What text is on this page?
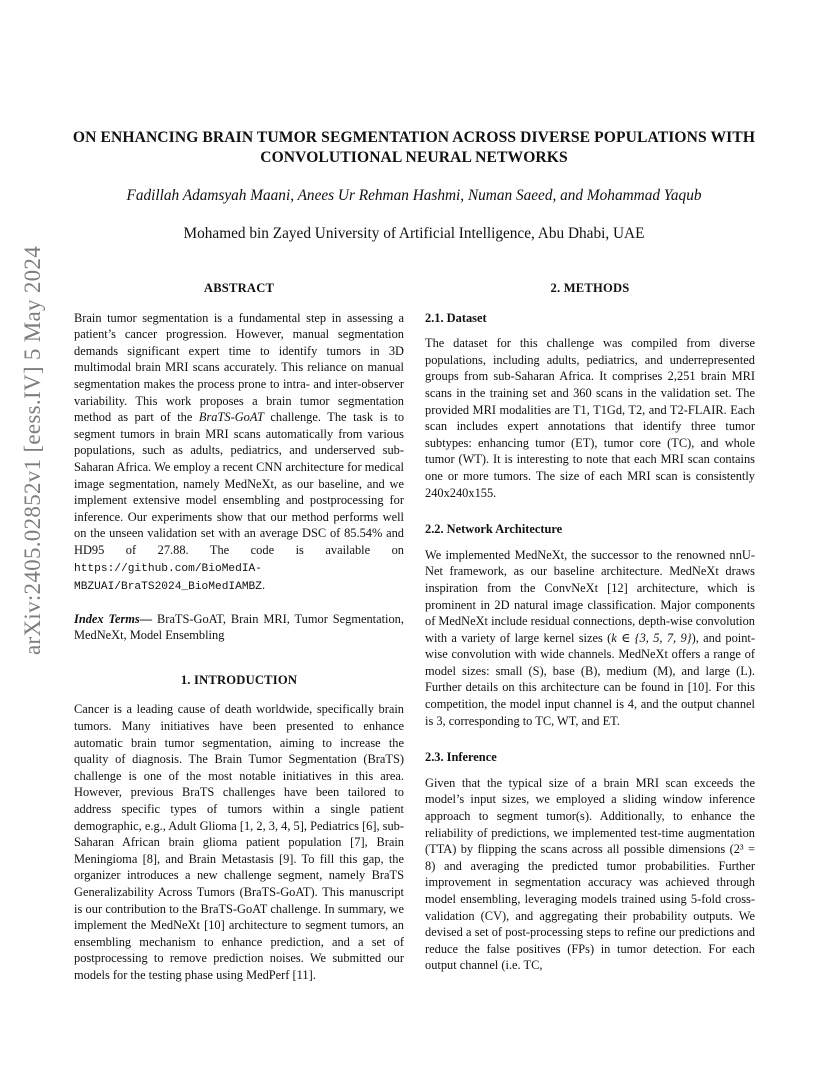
arXiv:2405.02852v1 [eess.IV] 5 May 2024
ON ENHANCING BRAIN TUMOR SEGMENTATION ACROSS DIVERSE POPULATIONS WITH CONVOLUTIONAL NEURAL NETWORKS
Fadillah Adamsyah Maani, Anees Ur Rehman Hashmi, Numan Saeed, and Mohammad Yaqub
Mohamed bin Zayed University of Artificial Intelligence, Abu Dhabi, UAE
ABSTRACT

Brain tumor segmentation is a fundamental step in assessing a patient’s cancer progression. However, manual segmentation demands significant expert time to identify tumors in 3D multimodal brain MRI scans accurately. This reliance on manual segmentation makes the process prone to intra- and inter-observer variability. This work proposes a brain tumor segmentation method as part of the BraTS-GoAT challenge. The task is to segment tumors in brain MRI scans automatically from various populations, such as adults, pediatrics, and underserved sub-Saharan Africa. We employ a recent CNN architecture for medical image segmentation, namely MedNeXt, as our baseline, and we implement extensive model ensembling and postprocessing for inference. Our experiments show that our method performs well on the unseen validation set with an average DSC of 85.54% and HD95 of 27.88. The code is available on https://github.com/BioMedIA-MBZUAI/BraTS2024_BioMedIAMBZ.

Index Terms— BraTS-GoAT, Brain MRI, Tumor Segmentation, MedNeXt, Model Ensembling

1. INTRODUCTION

Cancer is a leading cause of death worldwide, specifically brain tumors. Many initiatives have been presented to enhance automatic brain tumor segmentation, aiming to increase the quality of diagnosis. The Brain Tumor Segmentation (BraTS) challenge is one of the most notable initiatives in this area. However, previous BraTS challenges have been tailored to address specific types of tumors within a single patient demographic, e.g., Adult Glioma [1, 2, 3, 4, 5], Pediatrics [6], sub-Saharan African brain glioma patient population [7], Brain Meningioma [8], and Brain Metastasis [9]. To fill this gap, the organizer introduces a new challenge segment, namely BraTS Generalizability Across Tumors (BraTS-GoAT). This manuscript is our contribution to the BraTS-GoAT challenge. In summary, we implement the MedNeXt [10] architecture to segment tumors, an ensembling mechanism to enhance prediction, and a set of postprocessing to remove prediction noises. We submitted our models for the testing phase using MedPerf [11].

2. METHODS
2.1. Dataset

The dataset for this challenge was compiled from diverse populations, including adults, pediatrics, and underrepresented groups from sub-Saharan Africa. It comprises 2,251 brain MRI scans in the training set and 360 scans in the validation set. The provided MRI modalities are T1, T1Gd, T2, and T2-FLAIR. Each scan includes expert annotations that identify three tumor subtypes: enhancing tumor (ET), tumor core (TC), and whole tumor (WT). It is interesting to note that each MRI scan contains one or more tumors. The size of each MRI scan is consistently 240x240x155.

2.2. Network Architecture

We implemented MedNeXt, the successor to the renowned nnU-Net framework, as our baseline architecture. MedNeXt draws inspiration from the ConvNeXt [12] architecture, which is prominent in 2D natural image classification. Major components of MedNeXt include residual connections, depth-wise convolution with a variety of large kernel sizes (k ∈ {3, 5, 7, 9}), and point-wise convolution with wide channels. MedNeXt offers a range of model sizes: small (S), base (B), medium (M), and large (L). Further details on this architecture can be found in [10]. For this competition, the model input channel is 4, and the output channel is 3, corresponding to TC, WT, and ET.

2.3. Inference

Given that the typical size of a brain MRI scan exceeds the model’s input sizes, we employed a sliding window inference approach to segment tumor(s). Additionally, to enhance the reliability of predictions, we implemented test-time augmentation (TTA) by flipping the scans across all possible dimensions (2³ = 8) and averaging the predicted tumor probabilities. Further improvement in segmentation accuracy was achieved through model ensembling, leveraging models trained using 5-fold cross-validation (CV), and aggregating their probability outputs. We devised a set of post-processing steps to refine our predictions and reduce the false positives (FPs) in tumor detection. For each output channel (i.e. TC,
